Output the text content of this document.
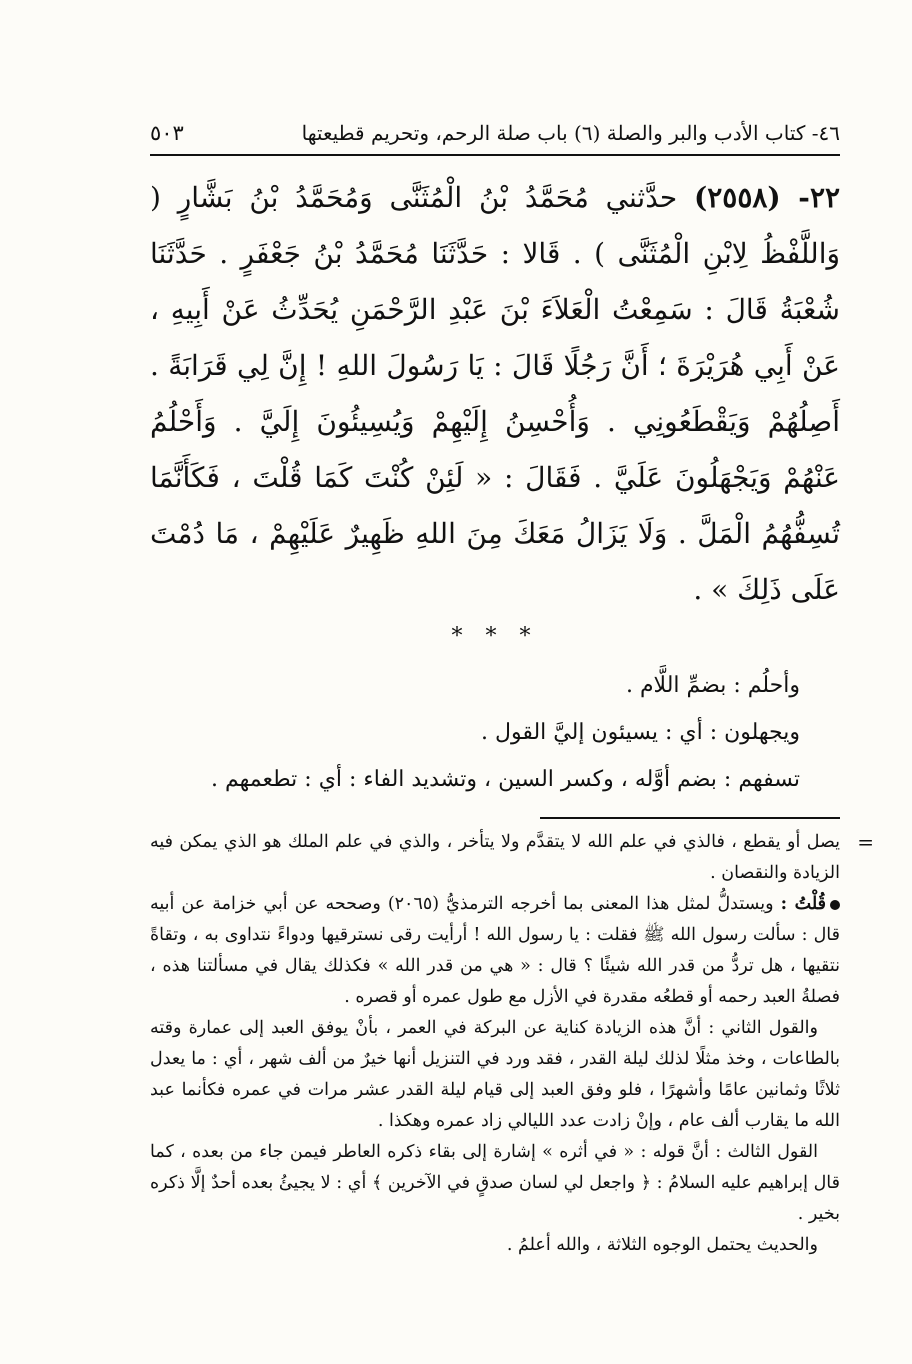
٤٦- كتاب الأدب والبر والصلة (٦) باب صلة الرحم، وتحريم قطيعتها
٥٠٣
٢٢- (٢٥٥٨) حدَّثني مُحَمَّدُ بْنُ الْمُثَنَّى وَمُحَمَّدُ بْنُ بَشَّارٍ ( وَاللَّفْظُ لِابْنِ الْمُثَنَّى ) . قَالا : حَدَّثَنَا مُحَمَّدُ بْنُ جَعْفَرٍ . حَدَّثَنَا شُعْبَةُ قَالَ : سَمِعْتُ الْعَلاَءَ بْنَ عَبْدِ الرَّحْمَنِ يُحَدِّثُ عَنْ أَبِيهِ ، عَنْ أَبِي هُرَيْرَةَ ؛ أَنَّ رَجُلًا قَالَ : يَا رَسُولَ اللهِ ! إِنَّ لِي قَرَابَةً . أَصِلُهُمْ وَيَقْطَعُونِي . وَأُحْسِنُ إِلَيْهِمْ وَيُسِيئُونَ إِلَيَّ . وَأَحْلُمُ عَنْهُمْ وَيَجْهَلُونَ عَلَيَّ . فَقَالَ : « لَئِنْ كُنْتَ كَمَا قُلْتَ ، فَكَأَنَّمَا تُسِفُّهُمُ الْمَلَّ . وَلَا يَزَالُ مَعَكَ مِنَ اللهِ ظَهِيرٌ عَلَيْهِمْ ، مَا دُمْتَ عَلَى ذَلِكَ » .
* * *

وأحلُم : بضمِّ اللَّام .

ويجهلون : أي : يسيئون إليَّ القول .

تسفهم : بضم أوَّله ، وكسر السين ، وتشديد الفاء : أي : تطعمهم .

=

يصل أو يقطع ، فالذي في علم الله لا يتقدَّم ولا يتأخر ، والذي في علم الملك هو الذي يمكن فيه الزيادة والنقصان .

قُلْتُ : ويستدلُّ لمثل هذا المعنى بما أخرجه الترمذيُّ (٢٠٦٥) وصححه عن أبي خزامة عن أبيه قال : سألت رسول الله ﷺ فقلت : يا رسول الله ! أرأيت رقى نسترقيها ودواءً نتداوى به ، وتقاةً نتقيها ، هل تردُّ من قدر الله شيئًا ؟ قال : « هي من قدر الله » فكذلك يقال في مسألتنا هذه ، فصلةُ العبد رحمه أو قطعُه مقدرة في الأزل مع طول عمره أو قصره .

والقول الثاني : أنَّ هذه الزيادة كناية عن البركة في العمر ، بأنْ يوفق العبد إلى عمارة وقته بالطاعات ، وخذ مثلًا لذلك ليلة القدر ، فقد ورد في التنزيل أنها خيرٌ من ألف شهر ، أي : ما يعدل ثلاثًا وثمانين عامًا وأشهرًا ، فلو وفق العبد إلى قيام ليلة القدر عشر مرات في عمره فكأنما عبد الله ما يقارب ألف عام ، وإنْ زادت عدد الليالي زاد عمره وهكذا .

القول الثالث : أنَّ قوله : « في أثره » إشارة إلى بقاء ذكره العاطر فيمن جاء من بعده ، كما قال إبراهيم عليه السلامُ : ﴿ واجعل لي لسان صدقٍ في الآخرين ﴾ أي : لا يجيئُ بعده أحدٌ إلَّا ذكره بخير .

والحديث يحتمل الوجوه الثلاثة ، والله أعلمُ .
